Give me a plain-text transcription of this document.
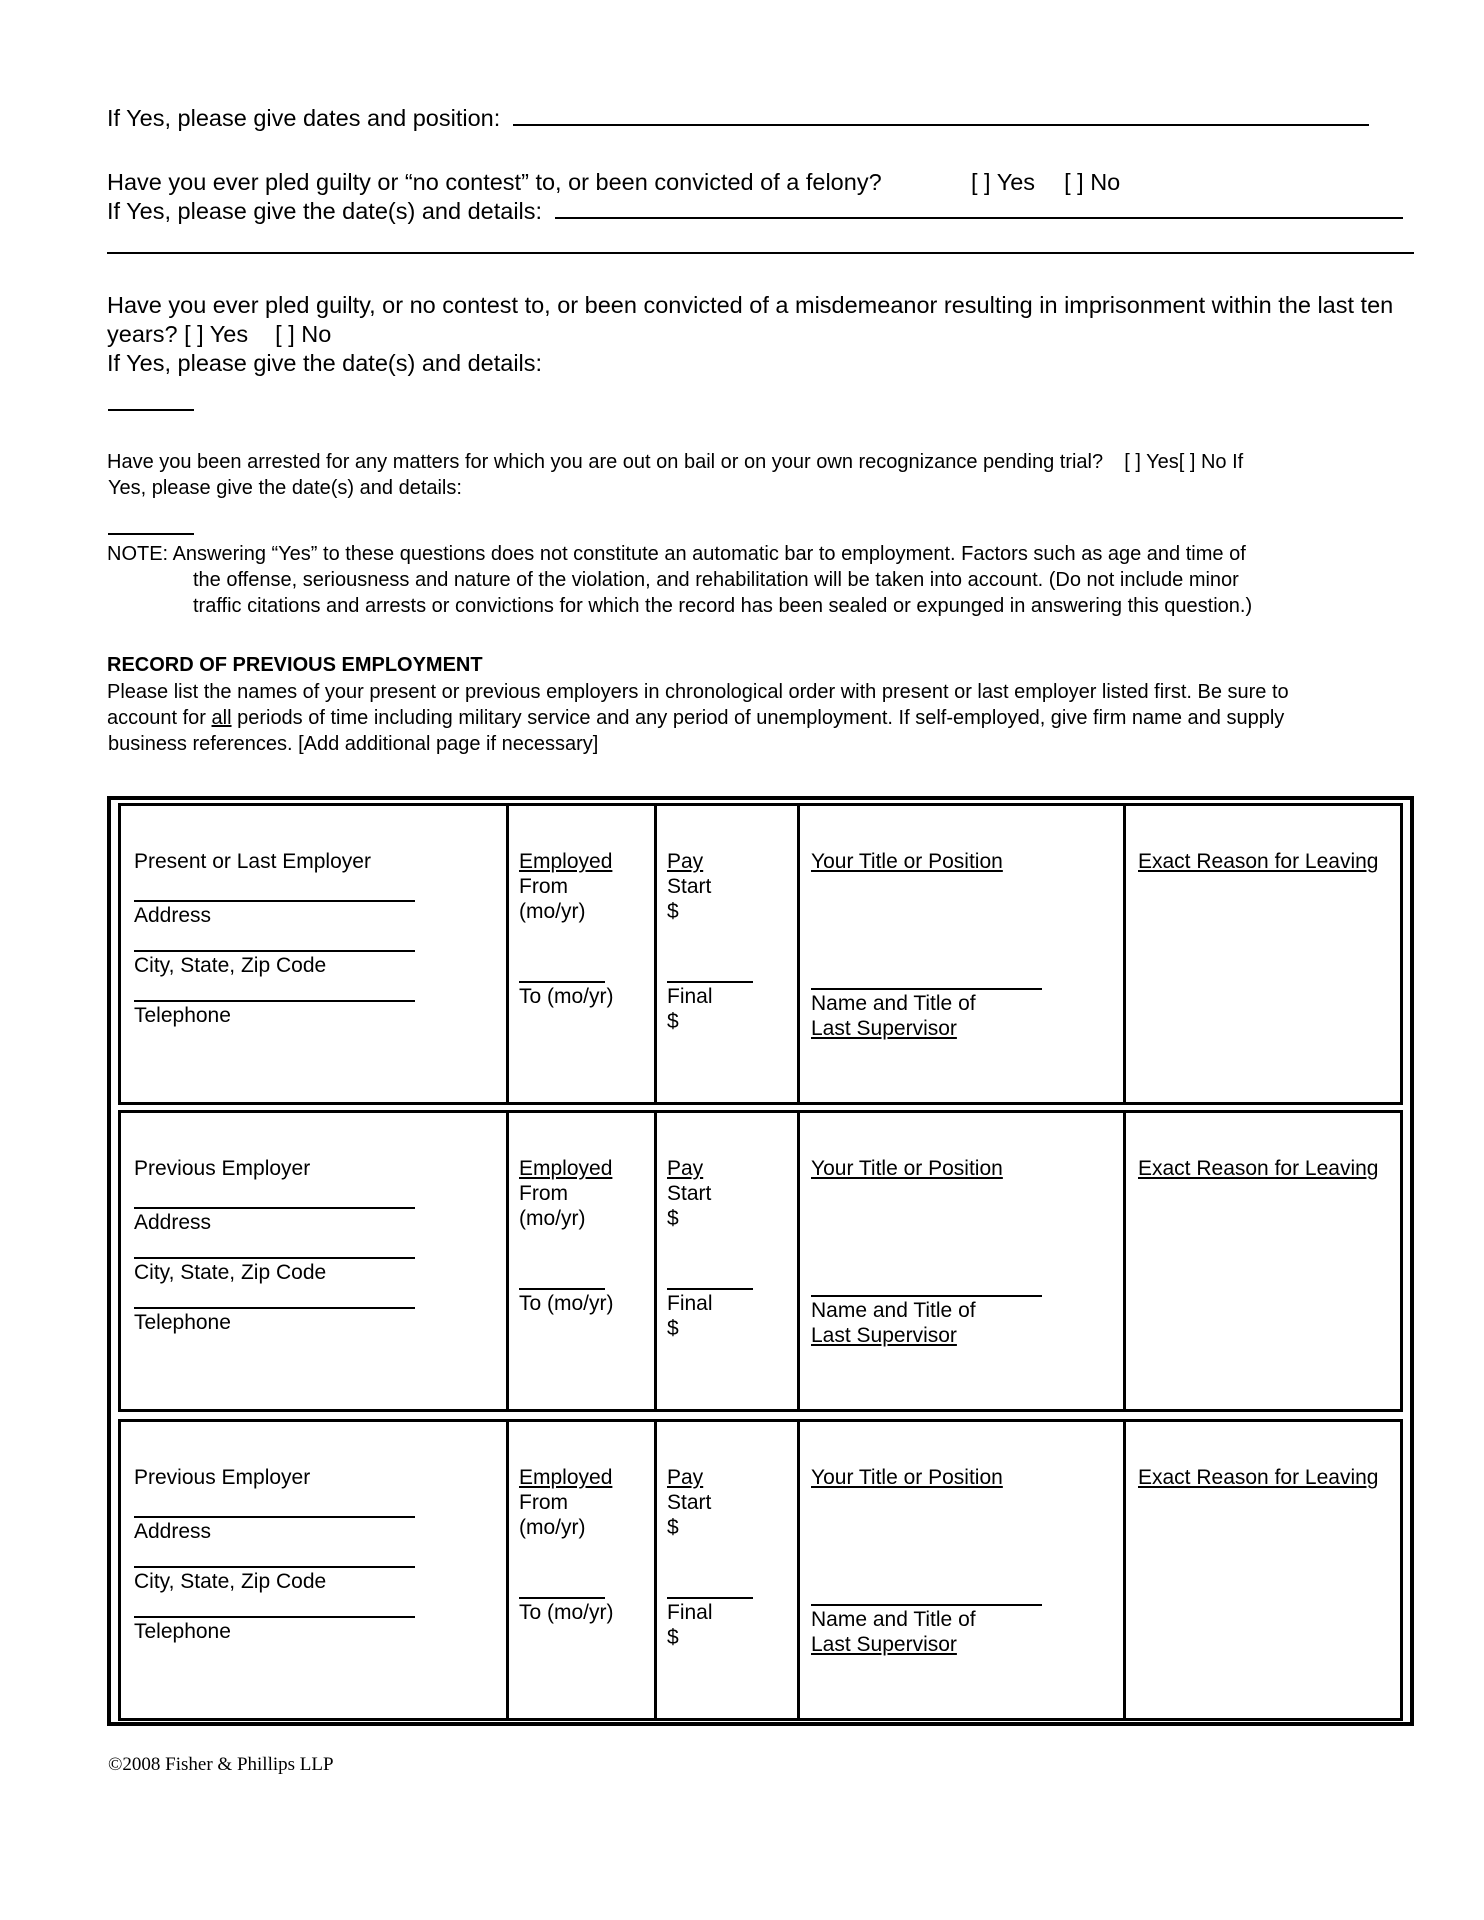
If Yes, please give dates and position:
Have you ever pled guilty or “no contest” to, or been convicted of a felony?	[ ] Yes [ ] No
If Yes, please give the date(s) and details:
Have you ever pled guilty, or no contest to, or been convicted of a misdemeanor resulting in imprisonment within the last ten
years? [ ] Yes [ ] No
If Yes, please give the date(s) and details:
Have you been arrested for any matters for which you are out on bail or on your own recognizance pending trial? [ ] Yes[ ] No If
Yes, please give the date(s) and details:
NOTE: Answering “Yes” to these questions does not constitute an automatic bar to employment. Factors such as age and time of
the offense, seriousness and nature of the violation, and rehabilitation will be taken into account. (Do not include minor
traffic citations and arrests or convictions for which the record has been sealed or expunged in answering this question.)
RECORD OF PREVIOUS EMPLOYMENT
Please list the names of your present or previous employers in chronological order with present or last employer listed first. Be sure to
account for all periods of time including military service and any period of unemployment. If self-employed, give firm name and supply
business references. [Add additional page if necessary]
Present or Last Employer
Address
City, State, Zip Code
Telephone
Employed
From
(mo/yr)
To (mo/yr)
Pay
Start
$
Final
$
Your Title or Position
Name and Title of
Last Supervisor
Exact Reason for Leaving
Previous Employer
Address
City, State, Zip Code
Telephone
Employed
From
(mo/yr)
To (mo/yr)
Pay
Start
$
Final
$
Your Title or Position
Name and Title of
Last Supervisor
Exact Reason for Leaving
Previous Employer
Address
City, State, Zip Code
Telephone
Employed
From
(mo/yr)
To (mo/yr)
Pay
Start
$
Final
$
Your Title or Position
Name and Title of
Last Supervisor
Exact Reason for Leaving
©2008 Fisher & Phillips LLP
